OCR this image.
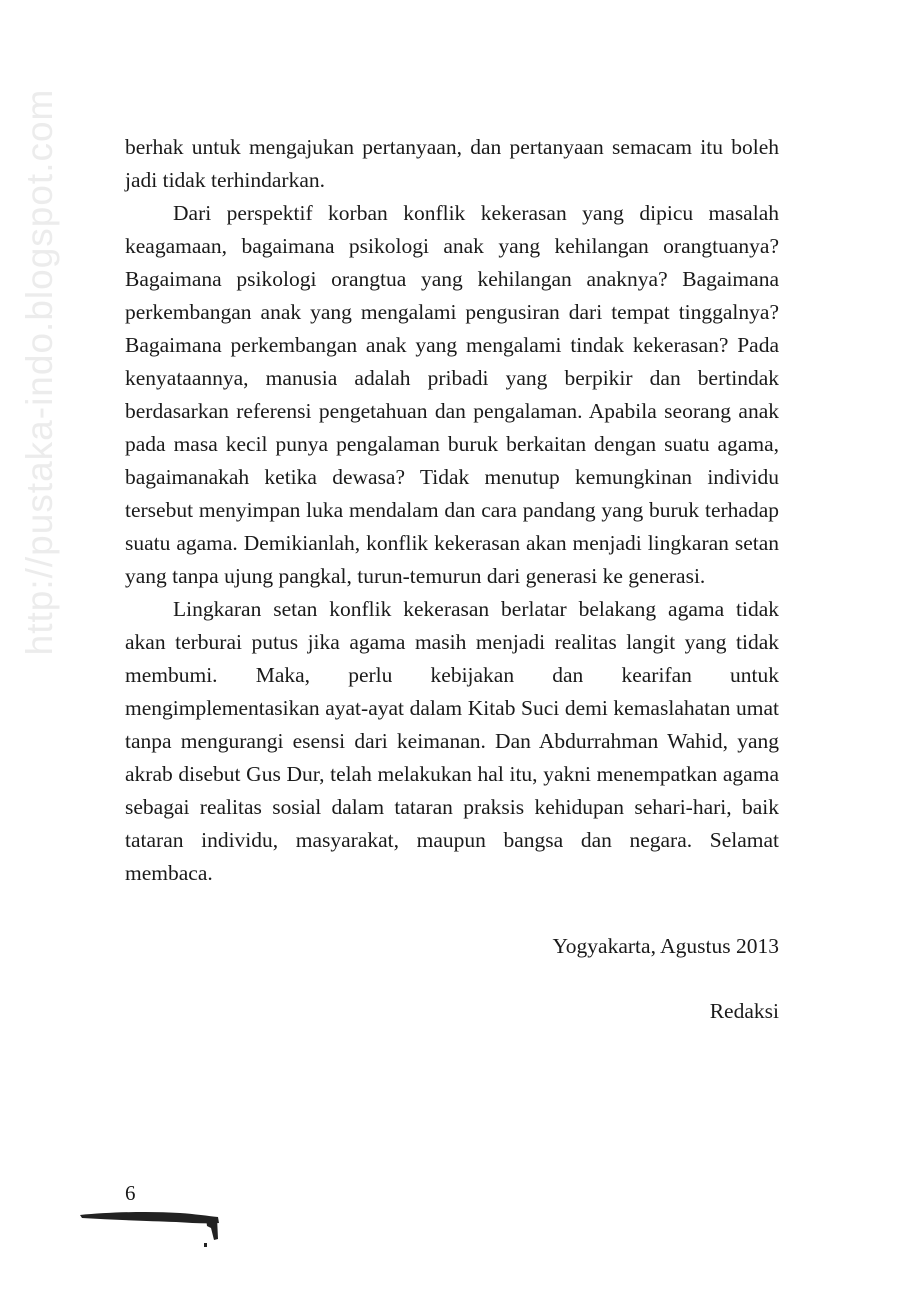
http://pustaka-indo.blogspot.com	berhak untuk mengajukan pertanyaan, dan pertanyaan semacam itu boleh jadi tidak terhindarkan.

Dari perspektif korban konflik kekerasan yang dipicu masalah keagamaan, bagaimana psikologi anak yang kehilangan orangtuanya? Bagaimana psikologi orangtua yang kehilangan anaknya? Bagaimana perkembangan anak yang mengalami pengusiran dari tempat tinggalnya? Bagaimana perkembangan anak yang mengalami tindak kekerasan? Pada kenyataannya, manusia adalah pribadi yang berpikir dan bertindak berdasarkan referensi pengetahuan dan pengalaman. Apabila seorang anak pada masa kecil punya pengalaman buruk berkaitan dengan suatu agama, bagaimanakah ketika dewasa? Tidak menutup kemungkinan individu tersebut menyimpan luka mendalam dan cara pandang yang buruk terhadap suatu agama. Demikianlah, konflik kekerasan akan menjadi lingkaran setan yang tanpa ujung pangkal, turun-temurun dari generasi ke generasi.

Lingkaran setan konflik kekerasan berlatar belakang agama tidak akan terburai putus jika agama masih menjadi realitas langit yang tidak membumi. Maka, perlu kebijakan dan kearifan untuk mengimplementasikan ayat-ayat dalam Kitab Suci demi kemaslahatan umat tanpa mengurangi esensi dari keimanan. Dan Abdurrahman Wahid, yang akrab disebut Gus Dur, telah melakukan hal itu, yakni menempatkan agama sebagai realitas sosial dalam tataran praksis kehidupan sehari-hari, baik tataran individu, masyarakat, maupun bangsa dan negara. Selamat membaca.

Yogyakarta, Agustus 2013
Redaksi
6
